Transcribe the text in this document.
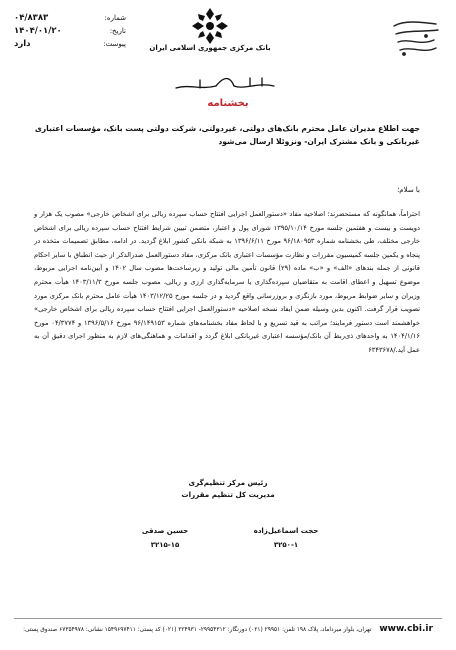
شماره:
۰۴/۸۳۸۳
تاریخ:
۱۴۰۴/۰۱/۲۰
پیوست:
دارد	بانک مرکزی جمهوری اسلامی ایران
بخشنامه
جهت اطلاع مدیران عامل محترم بانک‌های دولتی، غیردولتی، شرکت دولتی پست بانک، مؤسسات اعتباری
غیربانکی و بانک مشترک ایران- ونزوئلا ارسال می‌شود
با سلام؛
احتراماً، همانگونه که مستحضرند؛ اصلاحیه مفاد «دستورالعمل اجرایی افتتاح حساب سپرده ریالی برای اشخاص خارجی» مصوب یک هزار و دویست و بیست و هفتمین جلسه مورخ ۱۳۹۵/۱۰/۱۴ شورای پول و اعتبار، متضمن تبیین شرایط افتتاح حساب سپرده ریالی برای اشخاص خارجی مختلف، طی بخشنامه شماره ۹۶/۱۸۰۹۵۳ مورخ ۱۳۹۶/۶/۱۱ به شبکه بانکی کشور ابلاغ گردید. در ادامه، مطابق تصمیمات متخذه در پنجاه و یکمین جلسه کمیسیون مقررات و نظارت مؤسسات اعتباری بانک مرکزی، مفاد دستورالعمل صدرالذکر از حیث انطباق با سایر احکام قانونی از جمله بندهای «الف» و «ب» ماده (۲۹) قانون تأمین مالی تولید و زیرساخت‌ها مصوب سال ۱۴۰۲ و آیین‌نامه اجرایی مربوط، موضوع تسهیل و اعطای اقامت به متقاضیان سپرده‌گذاری یا سرمایه‌گذاری ارزی و ریالی، مصوب جلسه مورخ ۱۴۰۳/۱۱/۳ هیأت محترم وزیران و سایر ضوابط مربوط، مورد بازنگری و بروزرسانی واقع گردید و در جلسه مورخ ۱۴۰۳/۱۲/۲۵ هیأت عامل محترم بانک مرکزی مورد تصویب قرار گرفت. اکنون بدین وسیله ضمن ایفاد نسخه اصلاحیه «دستورالعمل اجرایی افتتاح حساب سپرده ریالی برای اشخاص خارجی» خواهشمند است دستور فرمایند؛ مراتب به قید تسریع و با لحاظ مفاد بخشنامه‌های شماره ۹۶/۱۴۹۱۵۳ مورخ ۱۳۹۶/۵/۱۶ و ۰۴/۳۷۷۴ مورخ ۱۴۰۴/۱/۱۶ به واحدهای ذی‌ربط آن بانک/مؤسسه اعتباری غیربانکی ابلاغ گردد و اقدامات و هماهنگی‌های لازم به منظور اجرای دقیق آن به عمل آید./۶۳۴۳۶۷۸
رئیس مرکز تنظیم‌گری
مدیریت کل تنظیم مقررات
حجت اسماعیل‌زاده
۳۲۵۰-۱
حسین صدقی
۳۲۱۵-۱۵
www.cbi.ir تهران، بلوار میرداماد، پلاک ۱۹۸ تلفن: ۲۹۹۵۱ (۰۲۱) دورنگار: ۲۹۹۵۴۳۱۲- ۲۲۴۹۳۱ (۰۲۱) کد پستی: ۱۵۴۹۶۹۷۴۱۱ نشانی: ۶۷۳۵۴۹۷۸ صندوق پستی:
